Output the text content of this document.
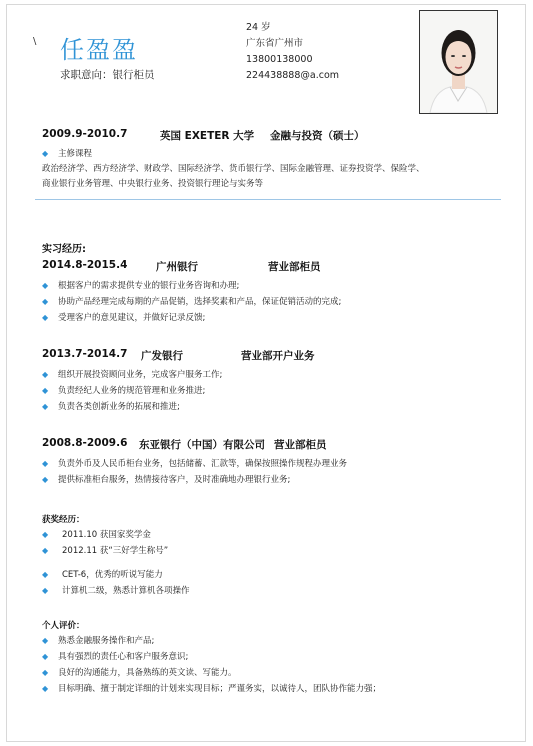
\ 任盈盈
求职意向：银行柜员
24 岁
广东省广州市
13800138000
224438888@a.com
2009.9-2010.7	英国 EXETER 大学	金融与投资（硕士）
◆ 主修课程
政治经济学、西方经济学、财政学、国际经济学、货币银行学、国际金融管理、证券投资学、保险学、
商业银行业务管理、中央银行业务、投资银行理论与实务等
实习经历:
2014.8-2015.4	广州银行	营业部柜员
◆ 根据客户的需求提供专业的银行业务咨询和办理;
◆ 协助产品经理完成每期的产品促销，选择奖素和产品，保证促销活动的完成;
◆ 受理客户的意见建议，并做好记录反馈;
2013.7-2014.7	广发银行	营业部开户业务
◆ 组织开展投资顾问业务，完成客户服务工作;
◆ 负责经纪人业务的规范管理和业务推进;
◆ 负责各类创新业务的拓展和推进;
2008.8-2009.6	东亚银行（中国）有限公司 营业部柜员
◆ 负责外币及人民币柜台业务，包括储蓄、汇款等，确保按照操作规程办理业务
◆ 提供标准柜台服务，热情接待客户，及时准确地办理银行业务;
获奖经历：
◆ 2011.10 获国家奖学金
◆ 2012.11 获“三好学生称号”
◆ CET-6，优秀的听说写能力
◆ 计算机二级，熟悉计算机各项操作
个人评价：
◆ 熟悉金融服务操作和产品;
◆ 具有强烈的责任心和客户服务意识;
◆ 良好的沟通能力，具备熟练的英文读、写能力。
◆ 目标明确、擅于制定详细的计划来实现目标；严谨务实，以诚待人，团队协作能力强；
